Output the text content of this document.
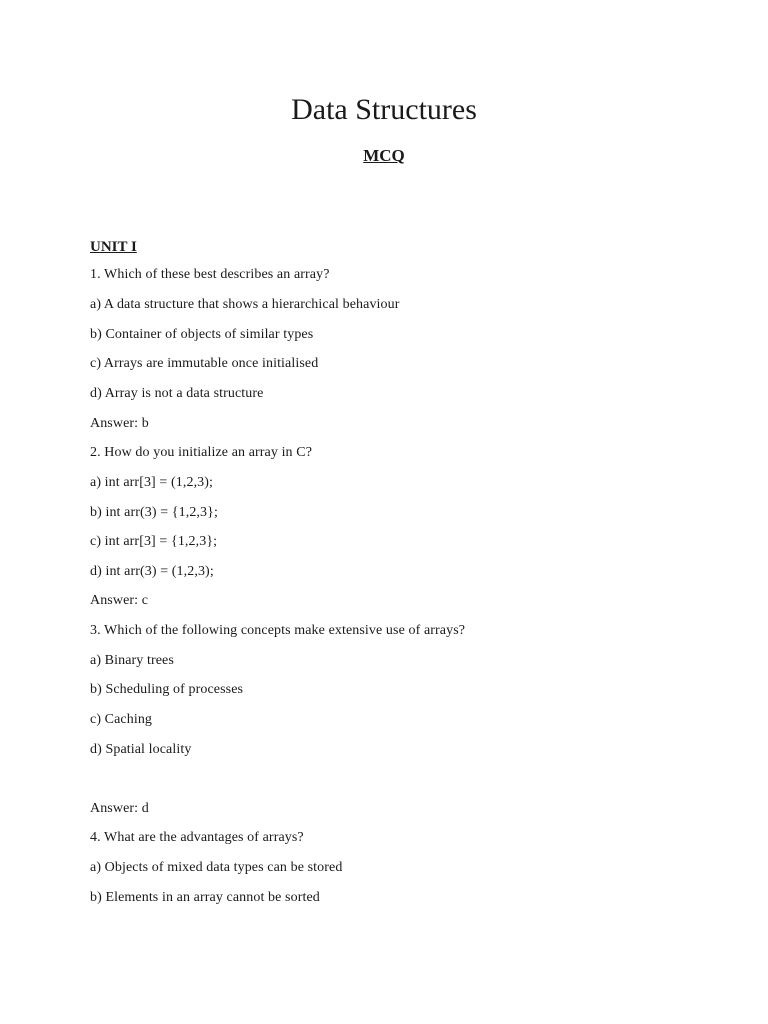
Data Structures
MCQ
UNIT I
1. Which of these best describes an array?
a) A data structure that shows a hierarchical behaviour
b) Container of objects of similar types
c) Arrays are immutable once initialised
d) Array is not a data structure
Answer: b
2. How do you initialize an array in C?
a) int arr[3] = (1,2,3);
b) int arr(3) = {1,2,3};
c) int arr[3] = {1,2,3};
d) int arr(3) = (1,2,3);
Answer: c
3. Which of the following concepts make extensive use of arrays?
a) Binary trees
b) Scheduling of processes
c) Caching
d) Spatial locality
Answer: d
4. What are the advantages of arrays?
a) Objects of mixed data types can be stored
b) Elements in an array cannot be sorted
